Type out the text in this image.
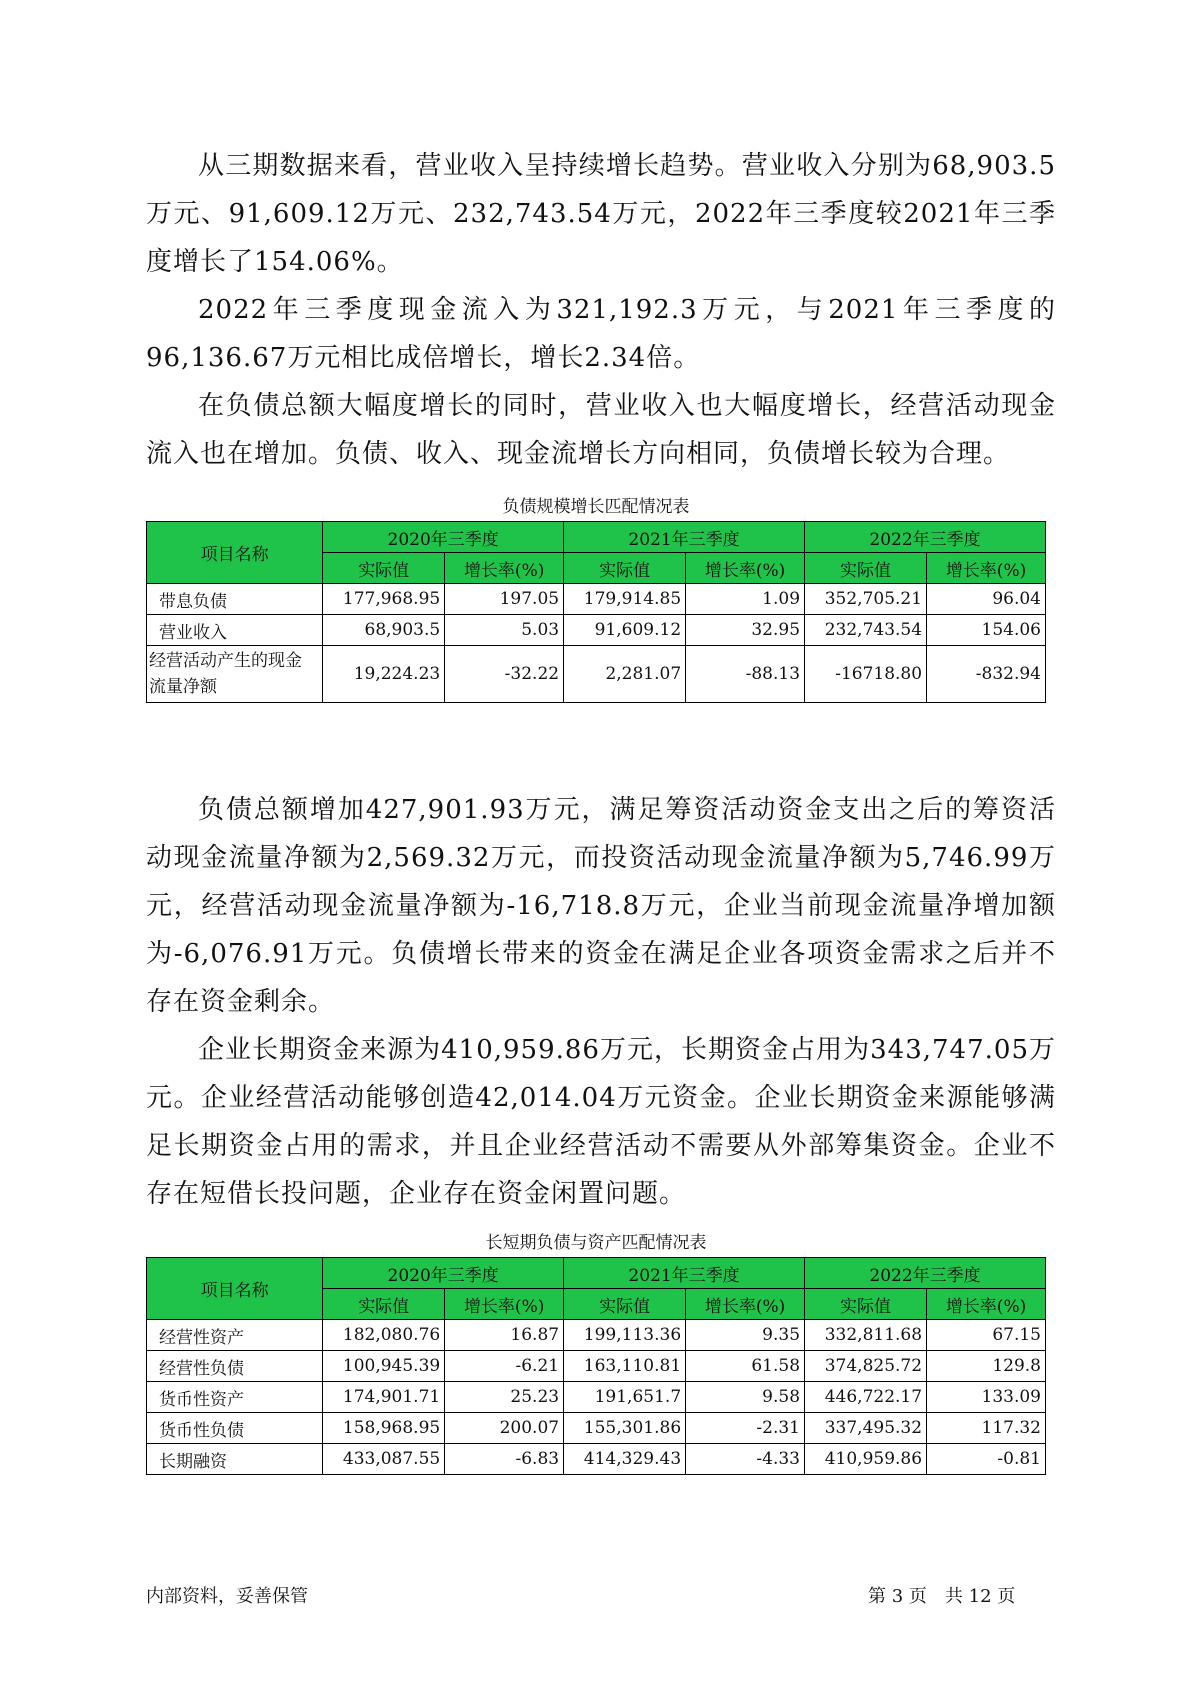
从三期数据来看，营业收入呈持续增长趋势。营业收入分别为68,903.5万元、91,609.12万元、232,743.54万元，2022年三季度较2021年三季度增长了154.06%。

2022年三季度现金流入为321,192.3万元，与2021年三季度的96,136.67万元相比成倍增长，增长2.34倍。

在负债总额大幅度增长的同时，营业收入也大幅度增长，经营活动现金流入也在增加。负债、收入、现金流增长方向相同，负债增长较为合理。

负债规模增长匹配情况表

项目名称	2020年三季度		2021年三季度		2022年三季度	
	实际值	增长率(%)	实际值	增长率(%)	实际值	增长率(%)
带息负债	177,968.95	197.05	179,914.85	1.09	352,705.21	96.04
营业收入	68,903.5	5.03	91,609.12	32.95	232,743.54	154.06
经营活动产生的现金流量净额	19,224.23	-32.22	2,281.07	-88.13	-16718.80	-832.94

负债总额增加427,901.93万元，满足筹资活动资金支出之后的筹资活动现金流量净额为2,569.32万元，而投资活动现金流量净额为5,746.99万元，经营活动现金流量净额为-16,718.8万元，企业当前现金流量净增加额为-6,076.91万元。负债增长带来的资金在满足企业各项资金需求之后并不存在资金剩余。

企业长期资金来源为410,959.86万元，长期资金占用为343,747.05万元。企业经营活动能够创造42,014.04万元资金。企业长期资金来源能够满足长期资金占用的需求，并且企业经营活动不需要从外部筹集资金。企业不存在短借长投问题，企业存在资金闲置问题。

长短期负债与资产匹配情况表

项目名称	2020年三季度		2021年三季度		2022年三季度	
	实际值	增长率(%)	实际值	增长率(%)	实际值	增长率(%)
经营性资产	182,080.76	16.87	199,113.36	9.35	332,811.68	67.15
经营性负债	100,945.39	-6.21	163,110.81	61.58	374,825.72	129.8
货币性资产	174,901.71	25.23	191,651.7	9.58	446,722.17	133.09
货币性负债	158,968.95	200.07	155,301.86	-2.31	337,495.32	117.32
长期融资	433,087.55	-6.83	414,329.43	-4.33	410,959.86	-0.81
内部资料，妥善保管	第 3 页　共 12 页
